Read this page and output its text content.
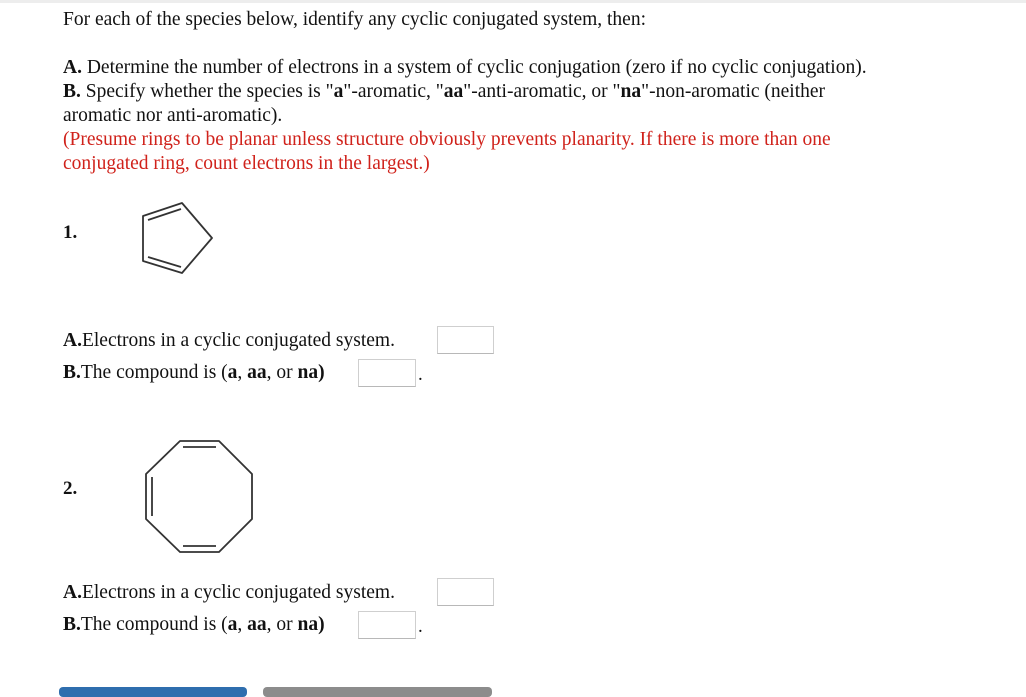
For each of the species below, identify any cyclic conjugated system, then:

A. Determine the number of electrons in a system of cyclic conjugation (zero if no cyclic conjugation).

B. Specify whether the species is "a"-aromatic, "aa"-anti-aromatic, or "na"-non-aromatic (neither

aromatic nor anti-aromatic).

(Presume rings to be planar unless structure obviously prevents planarity. If there is more than one

conjugated ring, count electrons in the largest.)

1.
A.Electrons in a cyclic conjugated system.
B.The compound is (a, aa, or na)	.
2.
A.Electrons in a cyclic conjugated system.
B.The compound is (a, aa, or na)	.
